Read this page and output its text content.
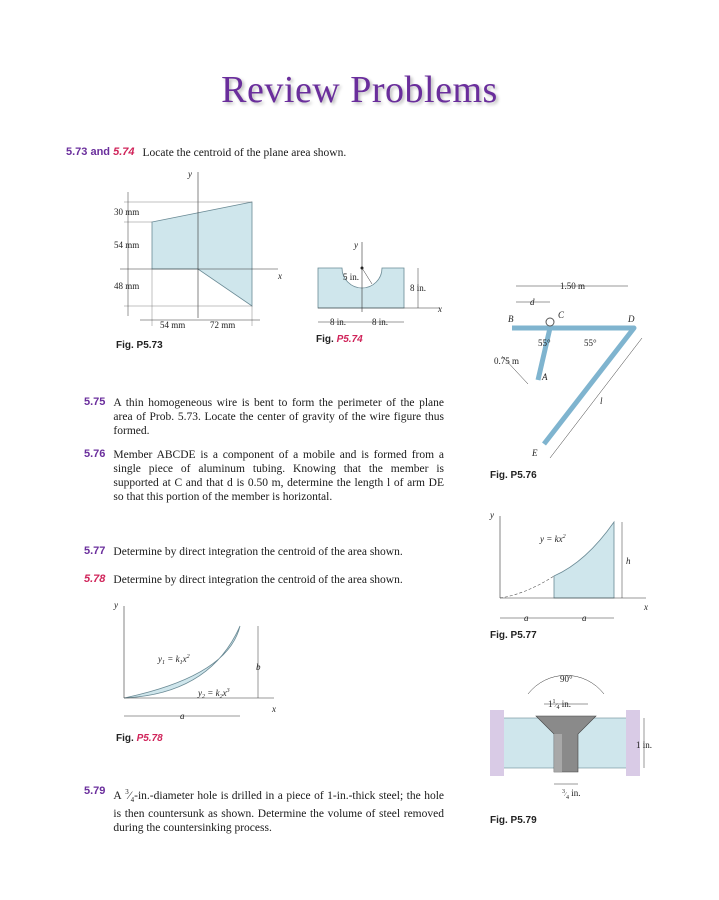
Review Problems
5.73 and 5.74 Locate the centroid of the plane area shown.
y
x
30 mm
54 mm
48 mm
54 mm	72 mm
Fig. P5.73
y
x
5 in.
8 in.
8 in.	8 in.
Fig. P5.74
5.75 A thin homogeneous wire is bent to form the perimeter of the plane area of Prob. 5.73. Locate the center of gravity of the wire figure thus formed.
5.76 Member ABCDE is a component of a mobile and is formed from a single piece of aluminum tubing. Knowing that the member is supported at C and that d is 0.50 m, determine the length l of arm DE so that this portion of the member is horizontal.
1.50 m
d
B	C	D
55°	55°
0.75 m
A
l
E
Fig. P5.76
5.77 Determine by direct integration the centroid of the area shown.
5.78 Determine by direct integration the centroid of the area shown.
y
$y = kx^2$
h
x
a	a
Fig. P5.77
y
$y_1 = k_1x^2$
$y_2 = k_2x^3$
b
x
a
Fig. P5.78
5.79 A $^3⁄_4-in$.-diameter hole is drilled in a piece of 1-in.-thick steel; the hole is then countersunk as shown. Determine the volume of steel removed during the countersinking process.
90°
$1^1_{⁄4}$ in.
1 in.
$^3_{⁄4}$ in.
Fig. P5.79
